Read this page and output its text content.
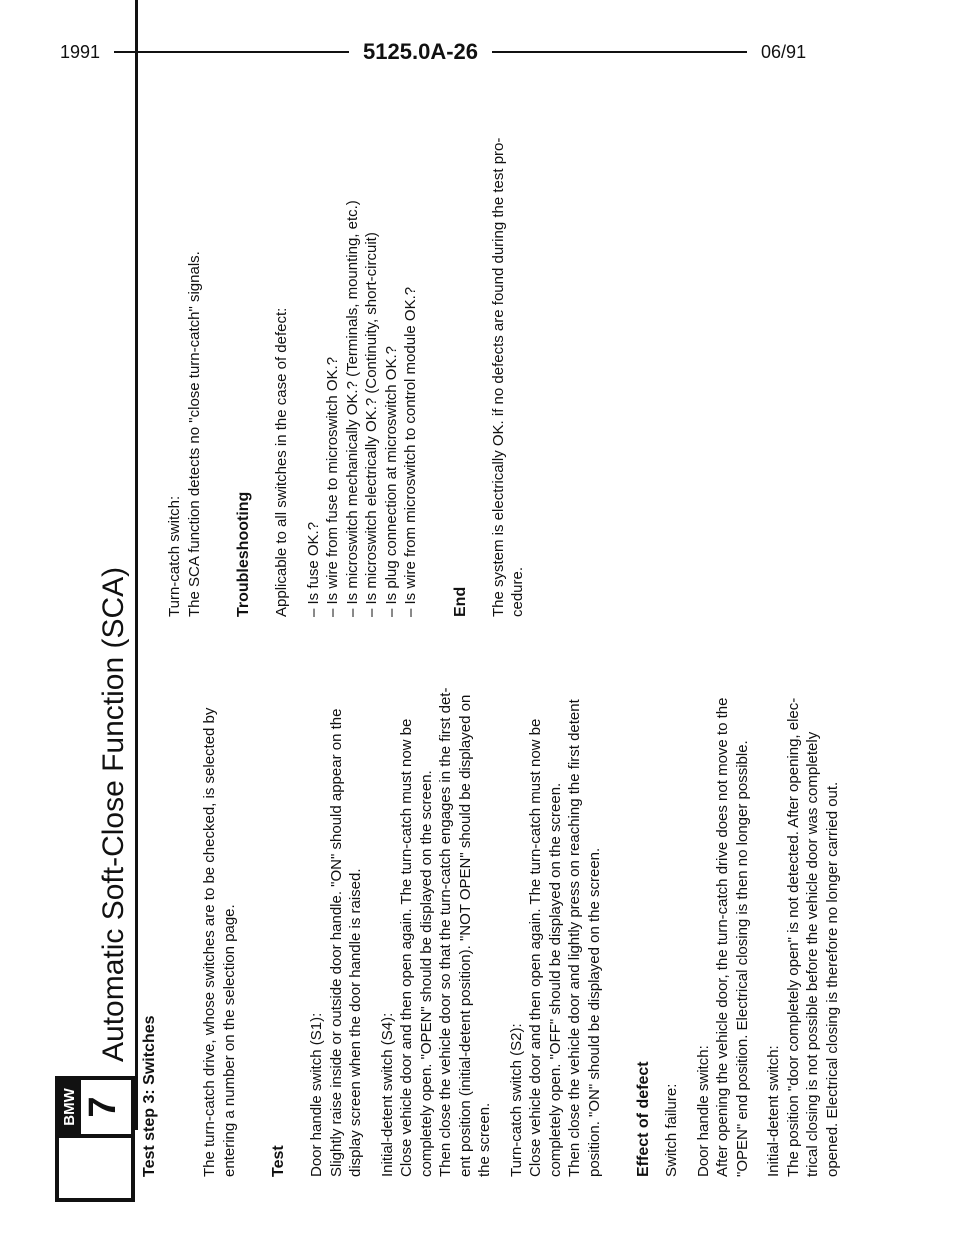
BMW 7
Automatic Soft-Close Function (SCA)
Test step 3: Switches	The turn-catch drive, whose switches are to be checked, is selected by entering a number on the selection page. Test Door handle switch (S1): Slightly raise inside or outside door handle. "ON" should appear on the display screen when the door handle is raised. Initial-detent switch (S4): Close vehicle door and then open again. The turn-catch must now be completely open. "OPEN" should be displayed on the screen. Then close the vehicle door so that the turn-catch engages in the first det- ent position (initial-detent position). "NOT OPEN" should be displayed on the screen. Turn-catch switch (S2): Close vehicle door and then open again. The turn-catch must now be completely open. "OFF" should be displayed on the screen. Then close the vehicle door and lightly press on reaching the first detent position. "ON" should be displayed on the screen. Effect of defect Switch failure: Door handle switch: After opening the vehicle door, the turn-catch drive does not move to the "OPEN" end position. Electrical closing is then no longer possible. Initial-detent switch: The position "door completely open" is not detected. After opening, elec- trical closing is not possible before the vehicle door was completely opened. Electrical closing is therefore no longer carried out.

Turn-catch switch: The SCA function detects no "close turn-catch" signals. Troubleshooting Applicable to all switches in the case of defect: – Is fuse OK.? – Is wire from fuse to microswitch OK.? – Is microswitch mechanically OK.? (Terminals, mounting, etc.) – Is microswitch electrically OK.? (Continuity, short-circuit) – Is plug connection at microswitch OK.? – Is wire from microswitch to control module OK.? End The system is electrically OK. if no defects are found during the test pro- cedure.

1991	5125.0A-26	06/91
